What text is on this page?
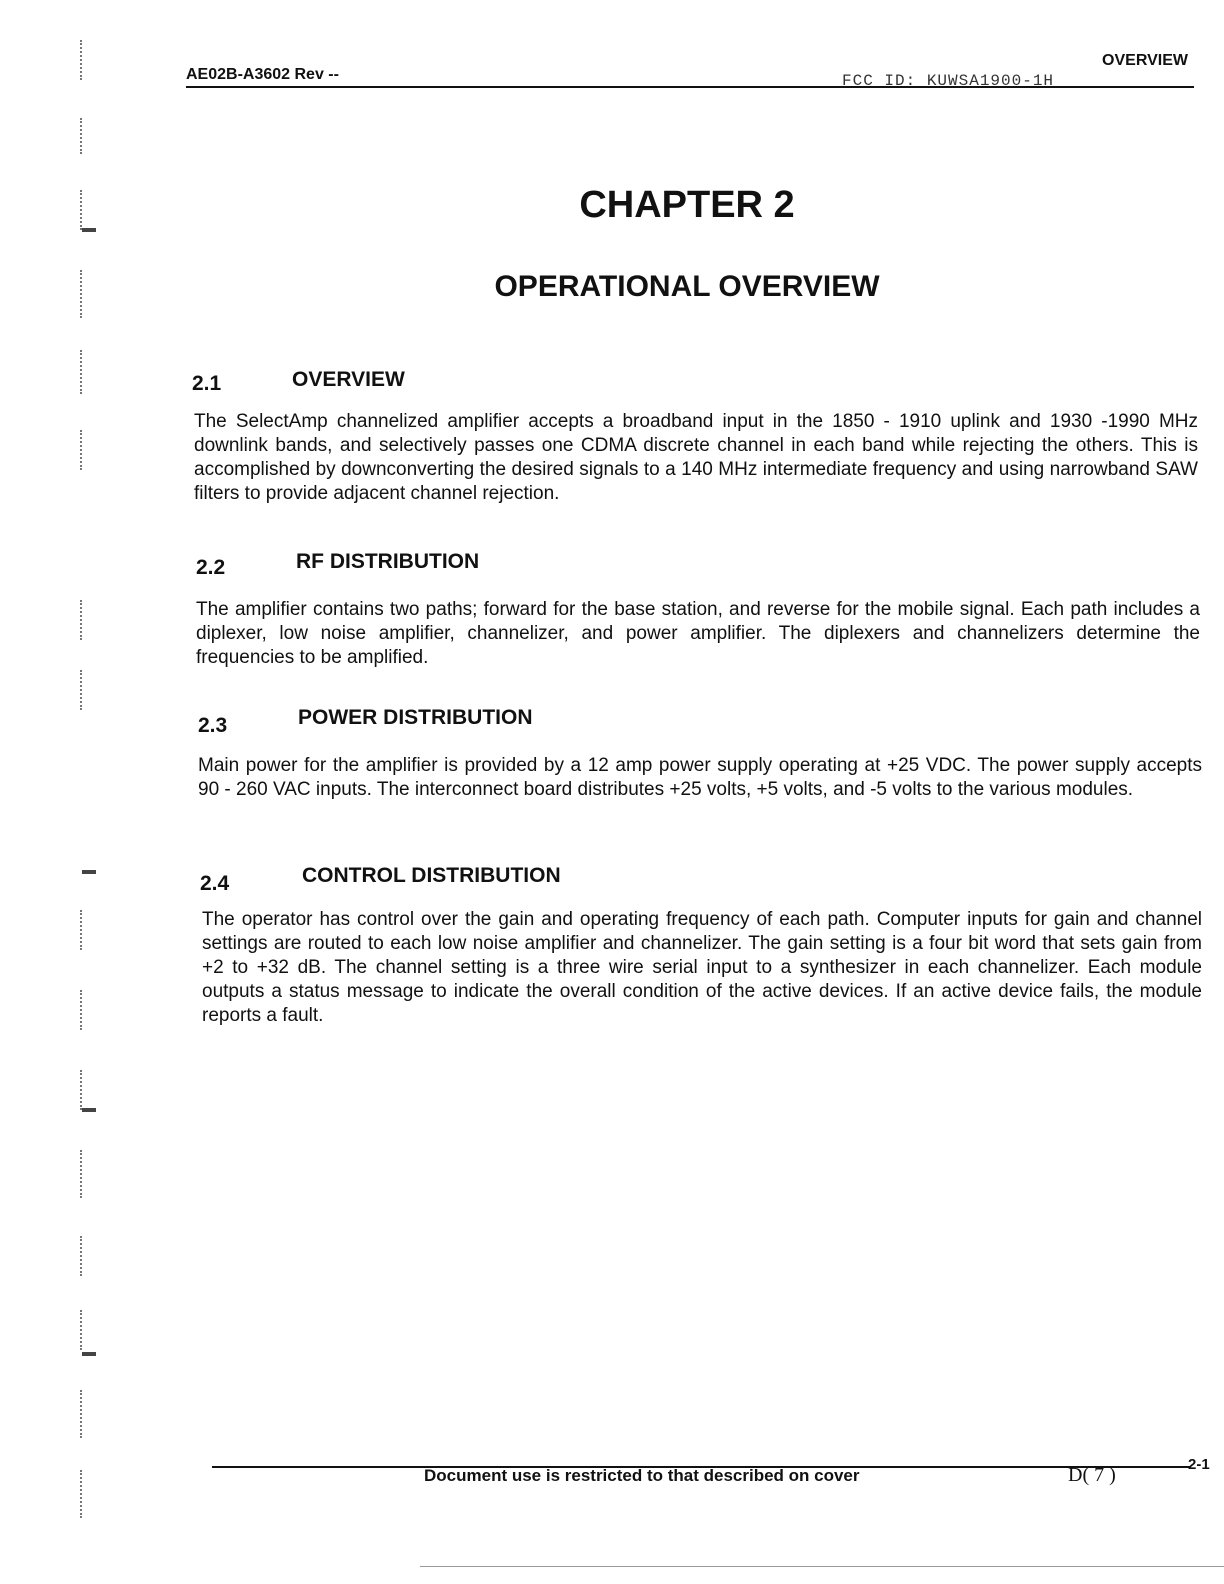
AE02B-A3602 Rev --
OVERVIEW
FCC ID: KUWSA1900-1H
CHAPTER 2
OPERATIONAL OVERVIEW
2.1	OVERVIEW
The SelectAmp channelized amplifier accepts a broadband input in the 1850 - 1910 uplink and 1930 -1990 MHz downlink bands, and selectively passes one CDMA discrete channel in each band while rejecting the others. This is accomplished by downconverting the desired signals to a 140 MHz intermediate frequency and using narrowband SAW filters to provide adjacent channel rejection.
2.2	RF DISTRIBUTION
The amplifier contains two paths; forward for the base station, and reverse for the mobile signal. Each path includes a diplexer, low noise amplifier, channelizer, and power amplifier. The diplexers and channelizers determine the frequencies to be amplified.
2.3	POWER DISTRIBUTION
Main power for the amplifier is provided by a 12 amp power supply operating at +25 VDC. The power supply accepts 90 - 260 VAC inputs. The interconnect board distributes +25 volts, +5 volts, and -5 volts to the various modules.
2.4	CONTROL DISTRIBUTION
The operator has control over the gain and operating frequency of each path. Computer inputs for gain and channel settings are routed to each low noise amplifier and channelizer. The gain setting is a four bit word that sets gain from +2 to +32 dB. The channel setting is a three wire serial input to a synthesizer in each channelizer. Each module outputs a status message to indicate the overall condition of the active devices. If an active device fails, the module reports a fault.
Document use is restricted to that described on cover	D( 7 )	2-1
